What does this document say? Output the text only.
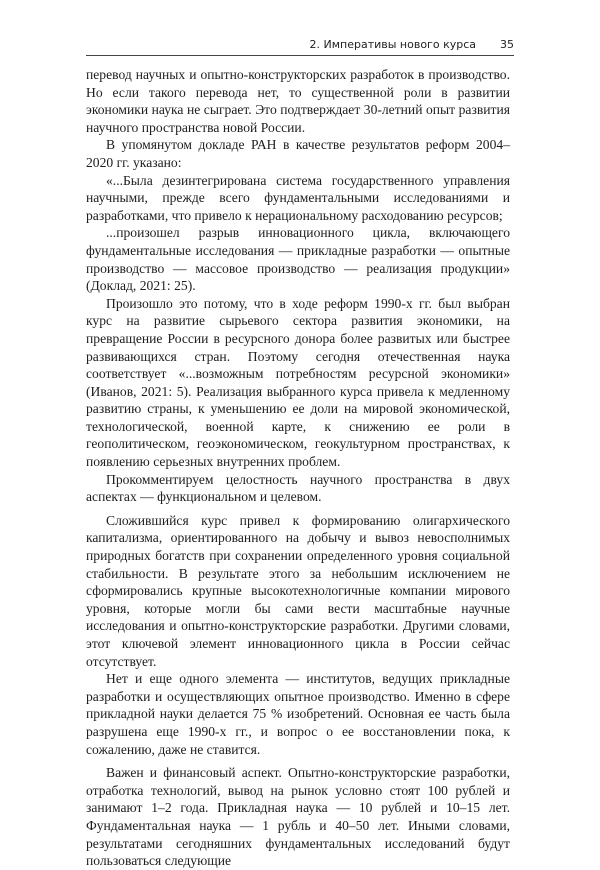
2. Императивы нового курса 35

перевод научных и опытно-конструкторских разработок в производство. Но если такого перевода нет, то существенной роли в развитии экономики наука не сыграет. Это подтверждает 30-летний опыт развития научного пространства новой России.

В упомянутом докладе РАН в качестве результатов реформ 2004–2020 гг. указано:

«...Была дезинтегрирована система государственного управления научными, прежде всего фундаментальными исследованиями и разработками, что привело к нерациональному расходованию ресурсов;

...произошел разрыв инновационного цикла, включающего фундаментальные исследования — прикладные разработки — опытные производство — массовое производство — реализация продукции» (Доклад, 2021: 25).

Произошло это потому, что в ходе реформ 1990-х гг. был выбран курс на развитие сырьевого сектора развития экономики, на превращение России в ресурсного донора более развитых или быстрее развивающихся стран. Поэтому сегодня отечественная наука соответствует «...возможным потребностям ресурсной экономики» (Иванов, 2021: 5). Реализация выбранного курса привела к медленному развитию страны, к уменьшению ее доли на мировой экономической, технологической, военной карте, к снижению ее роли в геополитическом, геоэкономическом, геокультурном пространствах, к появлению серьезных внутренних проблем.

Прокомментируем целостность научного пространства в двух аспектах — функциональном и целевом.

Сложившийся курс привел к формированию олигархического капитализма, ориентированного на добычу и вывоз невосполнимых природных богатств при сохранении определенного уровня социальной стабильности. В результате этого за небольшим исключением не сформировались крупные высокотехнологичные компании мирового уровня, которые могли бы сами вести масштабные научные исследования и опытно-конструкторские разработки. Другими словами, этот ключевой элемент инновационного цикла в России сейчас отсутствует.

Нет и еще одного элемента — институтов, ведущих прикладные разработки и осуществляющих опытное производство. Именно в сфере прикладной науки делается 75 % изобретений. Основная ее часть была разрушена еще 1990-х гг., и вопрос о ее восстановлении пока, к сожалению, даже не ставится.

Важен и финансовый аспект. Опытно-конструкторские разработки, отработка технологий, вывод на рынок условно стоят 100 рублей и занимают 1–2 года. Прикладная наука — 10 рублей и 10–15 лет. Фундаментальная наука — 1 рубль и 40–50 лет. Иными словами, результатами сегодняшних фундаментальных исследований будут пользоваться следующие
